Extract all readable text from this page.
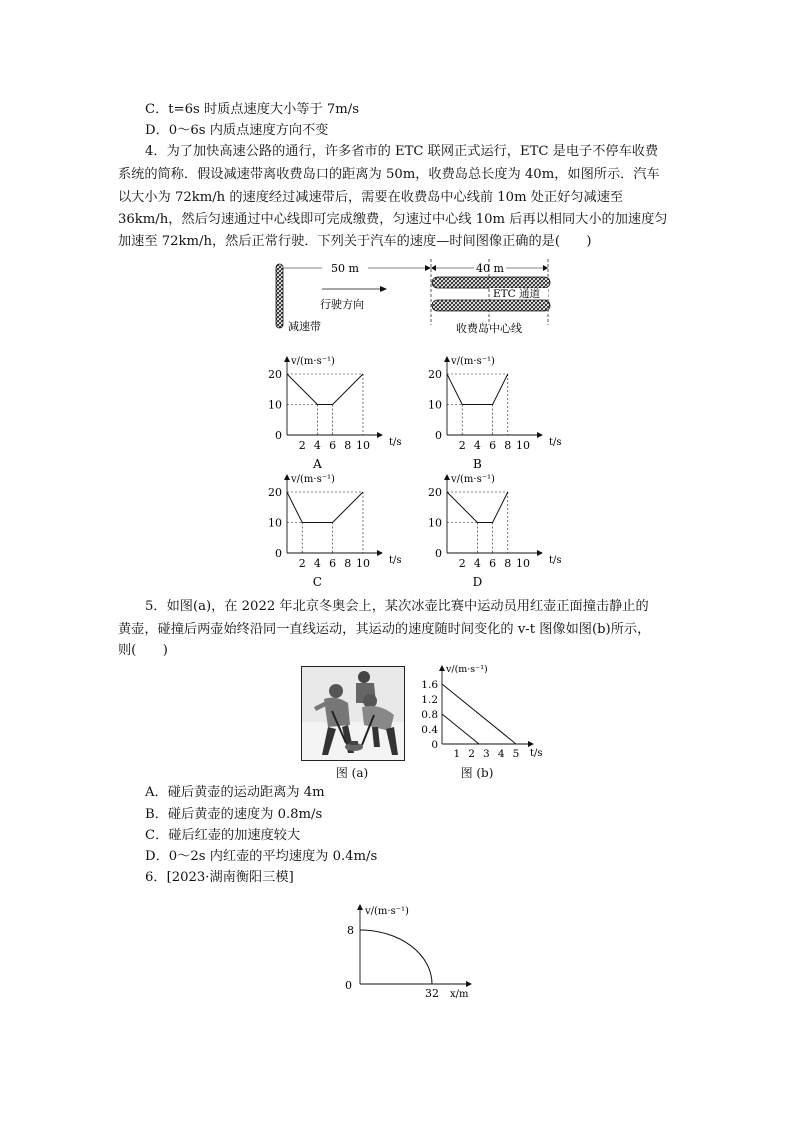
C．t=6s 时质点速度大小等于 7m/s
D．0～6s 内质点速度方向不变
4．为了加快高速公路的通行，许多省市的 ETC 联网正式运行，ETC 是电子不停车收费
系统的简称．假设减速带离收费岛口的距离为 50m，收费岛总长度为 40m，如图所示．汽车
以大小为 72km/h 的速度经过减速带后，需要在收费岛中心线前 10m 处正好匀减速至
36km/h，然后匀速通过中心线即可完成缴费，匀速过中心线 10m 后再以相同大小的加速度匀
加速至 72km/h，然后正常行驶．下列关于汽车的速度—时间图像正确的是(　　)
50 m	40 m
ETC 通道
行驶方向
减速带	收费岛中心线
v/(m·s⁻¹)
t/s
20
10
0
2 4 6 8 10
A
v/(m·s⁻¹)
t/s
20
10
0
2 4 6 8 10
B
v/(m·s⁻¹)
t/s
20
10
0
2 4 6 8 10
C
v/(m·s⁻¹)
t/s
20
10
0
2 4 6 8 10
D
5．如图(a)，在 2022 年北京冬奥会上，某次冰壶比赛中运动员用红壶正面撞击静止的
黄壶，碰撞后两壶始终沿同一直线运动，其运动的速度随时间变化的 v-t 图像如图(b)所示，
则(　　)
图 (a)
v/(m·s⁻¹)
t/s
1.6
1.2
0.8
0.4
0
1 2 3 4 5
图 (b)
A．碰后黄壶的运动距离为 4m
B．碰后黄壶的速度为 0.8m/s
C．碰后红壶的加速度较大
D．0～2s 内红壶的平均速度为 0.4m/s
6．[2023·湖南衡阳三模]
v/(m·s⁻¹)
x/m
8
0
32
